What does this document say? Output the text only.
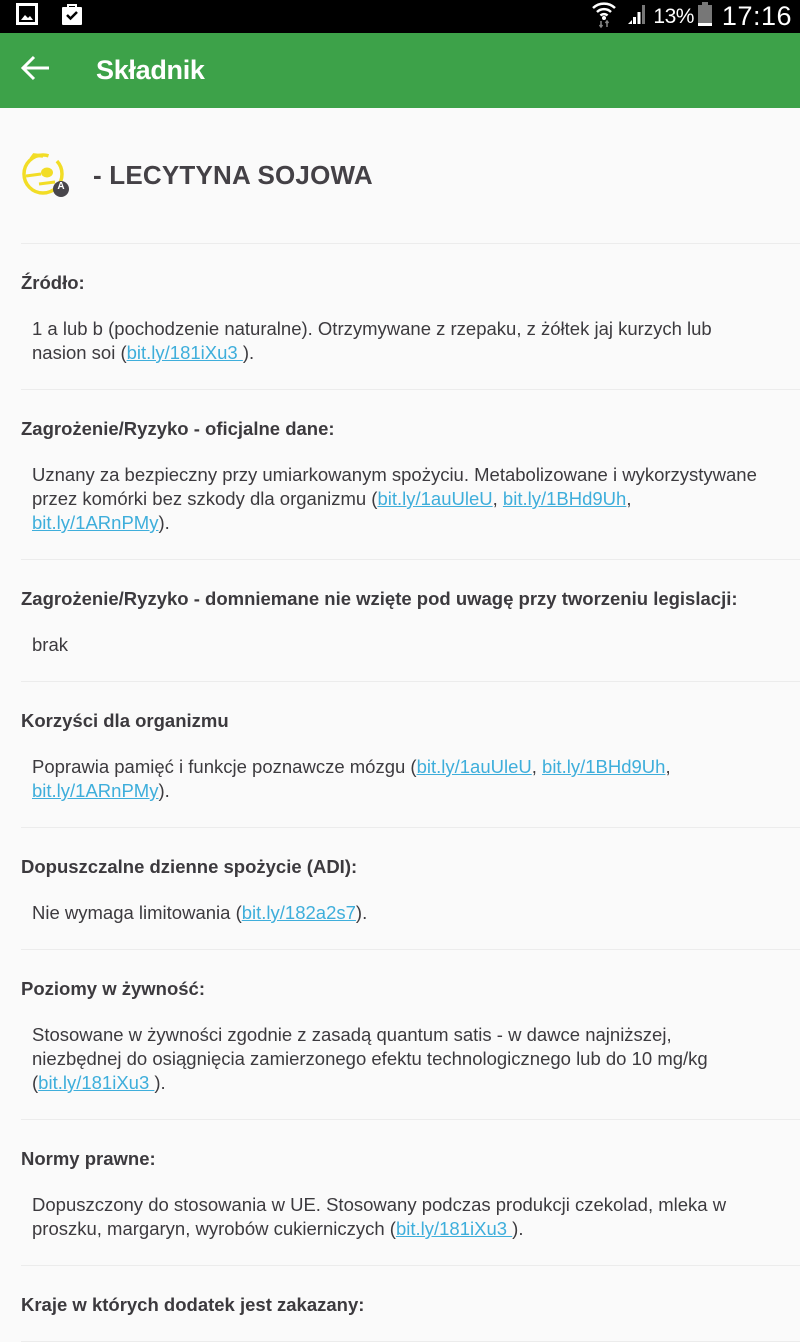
13% 17:16
Składnik
A - LECYTYNA SOJOWA
Źródło:
1 a lub b (pochodzenie naturalne). Otrzymywane z rzepaku, z żółtek jaj kurzych lub nasion soi (bit.ly/181iXu3 ).
Zagrożenie/Ryzyko - oficjalne dane:
Uznany za bezpieczny przy umiarkowanym spożyciu. Metabolizowane i wykorzystywane przez komórki bez szkody dla organizmu (bit.ly/1auUleU, bit.ly/1BHd9Uh, bit.ly/1ARnPMy).
Zagrożenie/Ryzyko - domniemane nie wzięte pod uwagę przy tworzeniu legislacji:
brak
Korzyści dla organizmu
Poprawia pamięć i funkcje poznawcze mózgu (bit.ly/1auUleU, bit.ly/1BHd9Uh, bit.ly/1ARnPMy).
Dopuszczalne dzienne spożycie (ADI):
Nie wymaga limitowania (bit.ly/182a2s7).
Poziomy w żywność:
Stosowane w żywności zgodnie z zasadą quantum satis - w dawce najniższej, niezbędnej do osiągnięcia zamierzonego efektu technologicznego lub do 10 mg/kg (bit.ly/181iXu3 ).
Normy prawne:
Dopuszczony do stosowania w UE. Stosowany podczas produkcji czekolad, mleka w proszku, margaryn, wyrobów cukierniczych (bit.ly/181iXu3 ).
Kraje w których dodatek jest zakazany:
